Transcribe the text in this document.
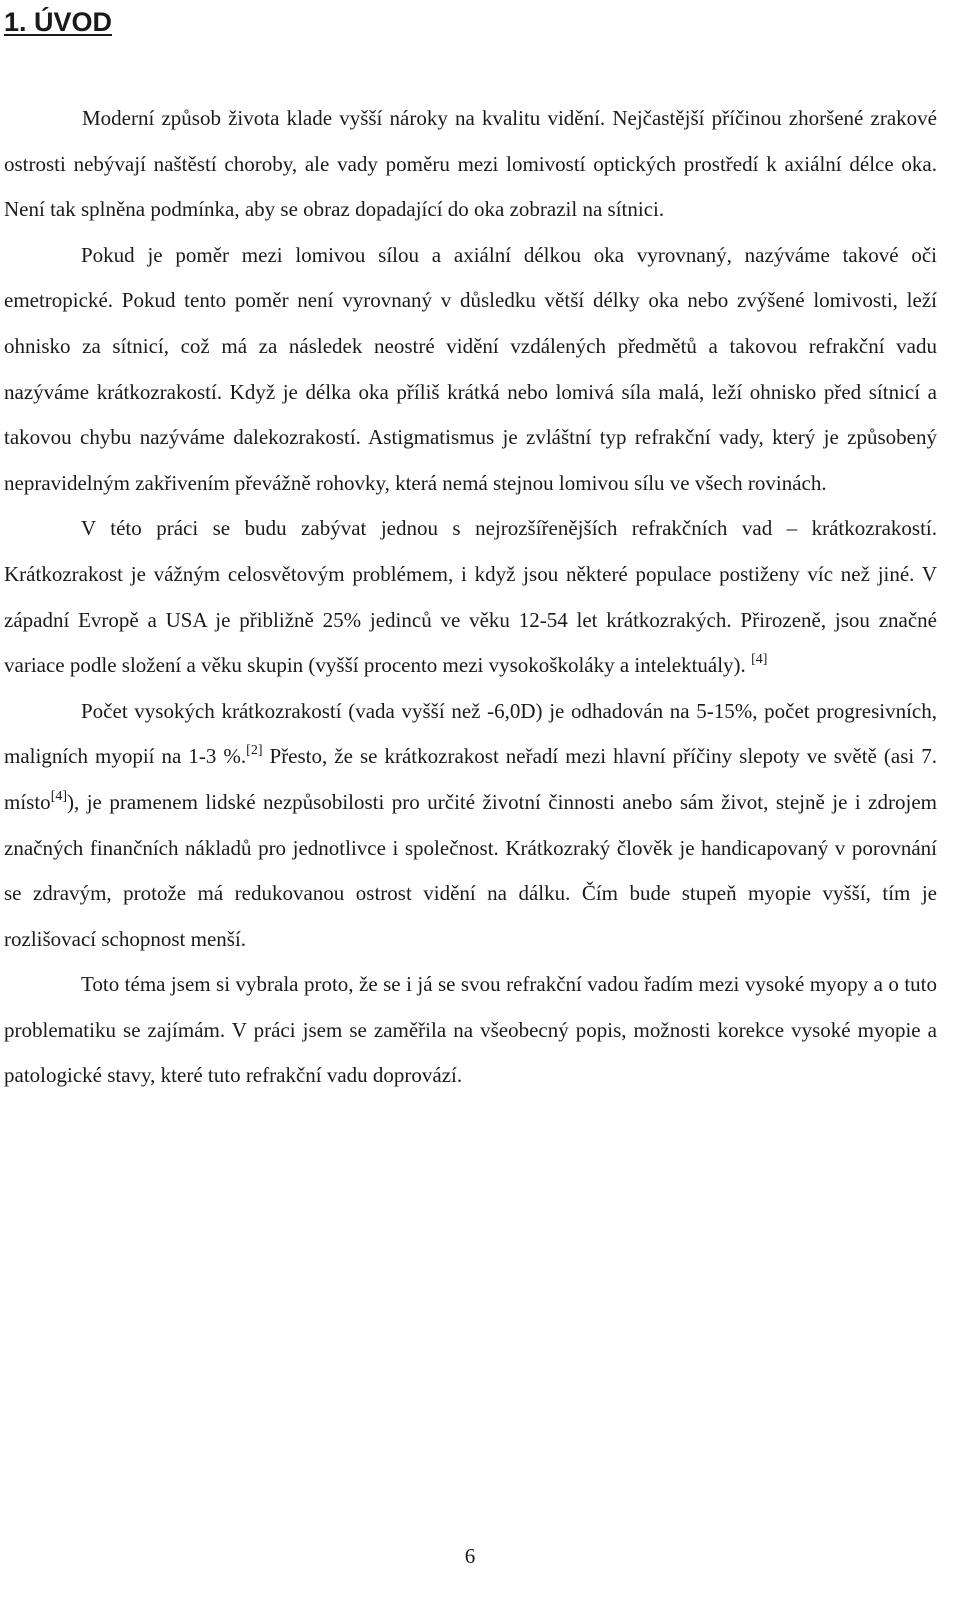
1. ÚVOD

Moderní způsob života klade vyšší nároky na kvalitu vidění. Nejčastější příčinou zhoršené zrakové ostrosti nebývají naštěstí choroby, ale vady poměru mezi lomivostí optických prostředí k axiální délce oka. Není tak splněna podmínka, aby se obraz dopadající do oka zobrazil na sítnici.

Pokud je poměr mezi lomivou sílou a axiální délkou oka vyrovnaný, nazýváme takové oči emetropické. Pokud tento poměr není vyrovnaný v důsledku větší délky oka nebo zvýšené lomivosti, leží ohnisko za sítnicí, což má za následek neostré vidění vzdálených předmětů a takovou refrakční vadu nazýváme krátkozrakostí. Když je délka oka příliš krátká nebo lomivá síla malá, leží ohnisko před sítnicí a takovou chybu nazýváme dalekozrakostí. Astigmatismus je zvláštní typ refrakční vady, který je způsobený nepravidelným zakřivením převážně rohovky, která nemá stejnou lomivou sílu ve všech rovinách.

V této práci se budu zabývat jednou s nejrozšířenějších refrakčních vad – krátkozrakostí. Krátkozrakost je vážným celosvětovým problémem, i když jsou některé populace postiženy víc než jiné. V západní Evropě a USA je přibližně 25% jedinců ve věku 12-54 let krátkozrakých. Přirozeně, jsou značné variace podle složení a věku skupin (vyšší procento mezi vysokoškoláky a intelektuály). [4]

Počet vysokých krátkozrakostí (vada vyšší než -6,0D) je odhadován na 5-15%, počet progresivních, maligních myopií na 1-3 %.[2] Přesto, že se krátkozrakost neřadí mezi hlavní příčiny slepoty ve světě (asi 7. místo[4]), je pramenem lidské nezpůsobilosti pro určité životní činnosti anebo sám život, stejně je i zdrojem značných finančních nákladů pro jednotlivce i společnost. Krátkozraký člověk je handicapovaný v porovnání se zdravým, protože má redukovanou ostrost vidění na dálku. Čím bude stupeň myopie vyšší, tím je rozlišovací schopnost menší.

Toto téma jsem si vybrala proto, že se i já se svou refrakční vadou řadím mezi vysoké myopy a o tuto problematiku se zajímám. V práci jsem se zaměřila na všeobecný popis, možnosti korekce vysoké myopie a patologické stavy, které tuto refrakční vadu doprovází.

6
